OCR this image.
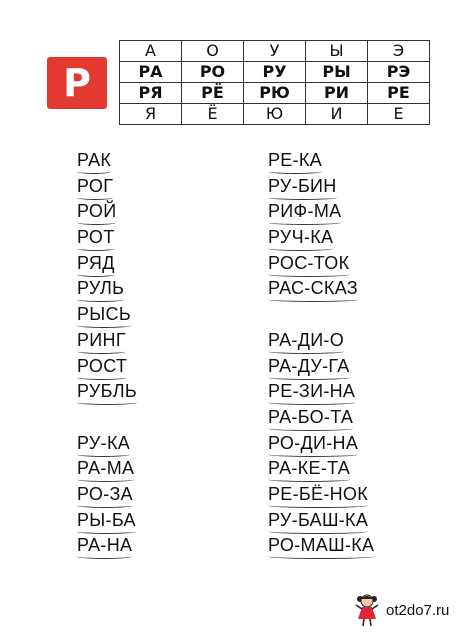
Р
А	О	У	Ы	Э
РА	РО	РУ	РЫ	РЭ
РЯ	РЁ	РЮ	РИ	РЕ
Я	Ё	Ю	И	Е
РАК
РОГ
РОЙ
РОТ
РЯД
РУЛЬ
РЫСЬ
РИНГ
РОСТ
РУБЛЬ
РУ-КА
РА-МА
РО-ЗА
РЫ-БА
РА-НА
РЕ-КА
РУ-БИН
РИФ-МА
РУЧ-КА
РОС-ТОК
РАС-СКАЗ
РА-ДИ-О
РА-ДУ-ГА
РЕ-ЗИ-НА
РА-БО-ТА
РО-ДИ-НА
РА-КЕ-ТА
РЕ-БЁ-НОК
РУ-БАШ-КА
РО-МАШ-КА
ot2do7.ru
